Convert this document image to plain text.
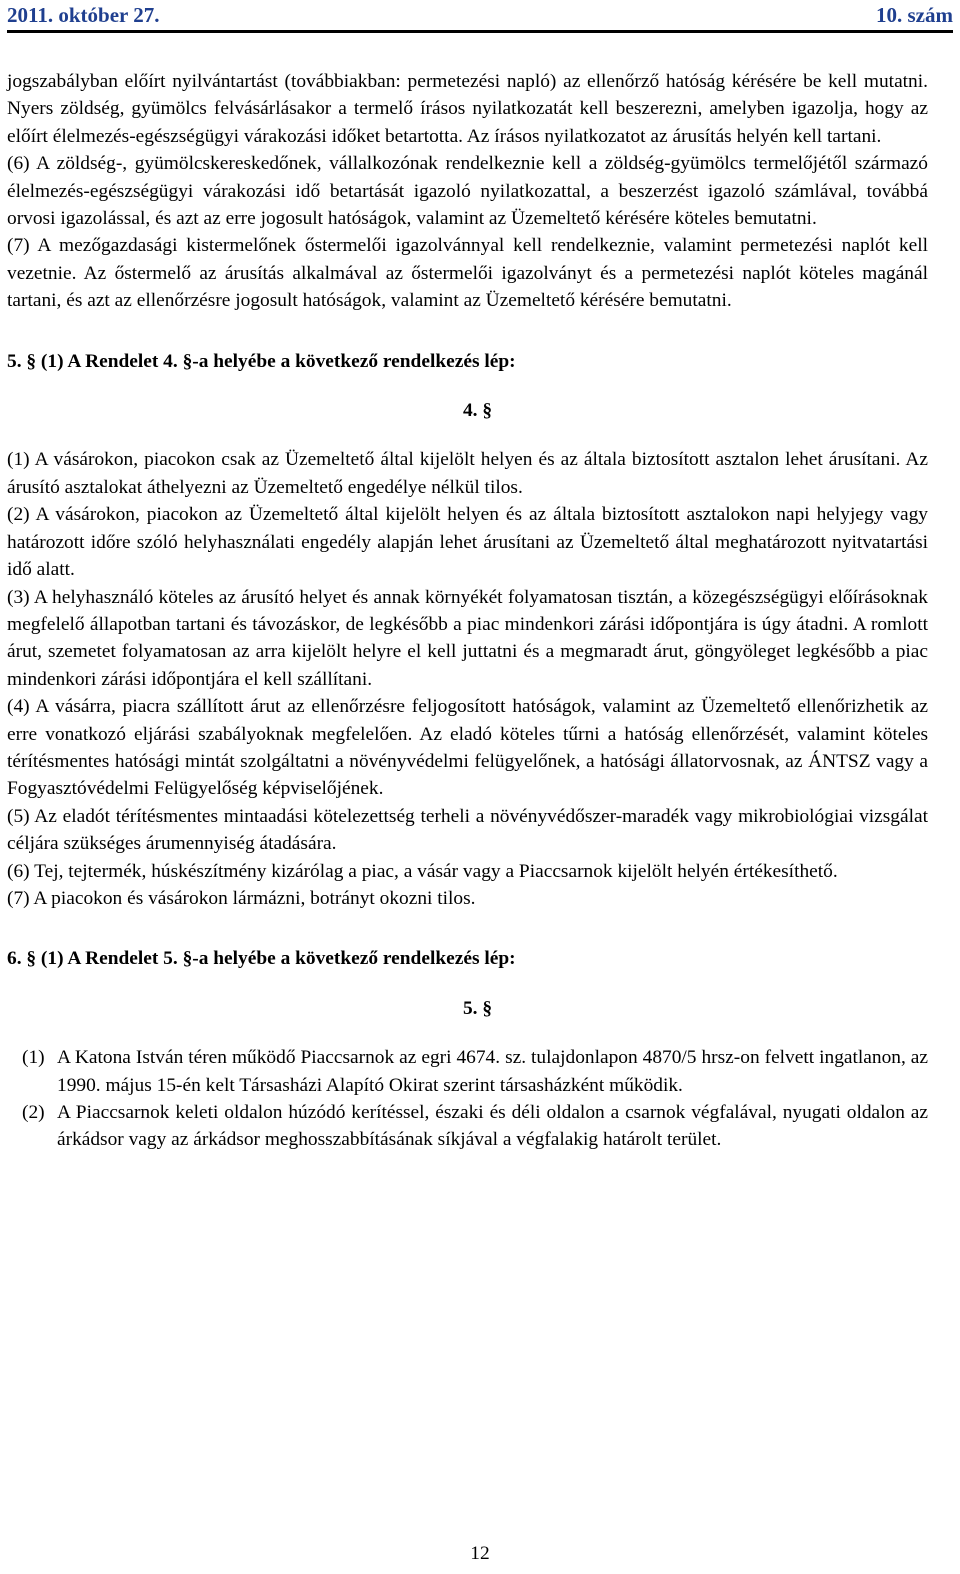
2011. október 27.	10. szám

jogszabályban előírt nyilvántartást (továbbiakban: permetezési napló) az ellenőrző hatóság kérésére be kell mutatni. Nyers zöldség, gyümölcs felvásárlásakor a termelő írásos nyilatkozatát kell beszerezni, amelyben igazolja, hogy az előírt élelmezés-egészségügyi várakozási időket betartotta. Az írásos nyilatkozatot az árusítás helyén kell tartani.

(6) A zöldség-, gyümölcskereskedőnek, vállalkozónak rendelkeznie kell a zöldség-gyümölcs termelőjétől származó élelmezés-egészségügyi várakozási idő betartását igazoló nyilatkozattal, a beszerzést igazoló számlával, továbbá orvosi igazolással, és azt az erre jogosult hatóságok, valamint az Üzemeltető kérésére köteles bemutatni.

(7) A mezőgazdasági kistermelőnek őstermelői igazolvánnyal kell rendelkeznie, valamint permetezési naplót kell vezetnie. Az őstermelő az árusítás alkalmával az őstermelői igazolványt és a permetezési naplót köteles magánál tartani, és azt az ellenőrzésre jogosult hatóságok, valamint az Üzemeltető kérésére bemutatni.

5. § (1) A Rendelet 4. §-a helyébe a következő rendelkezés lép:

4. §

(1) A vásárokon, piacokon csak az Üzemeltető által kijelölt helyen és az általa biztosított asztalon lehet árusítani. Az árusító asztalokat áthelyezni az Üzemeltető engedélye nélkül tilos.

(2) A vásárokon, piacokon az Üzemeltető által kijelölt helyen és az általa biztosított asztalokon napi helyjegy vagy határozott időre szóló helyhasználati engedély alapján lehet árusítani az Üzemeltető által meghatározott nyitvatartási idő alatt.

(3) A helyhasználó köteles az árusító helyet és annak környékét folyamatosan tisztán, a közegészségügyi előírásoknak megfelelő állapotban tartani és távozáskor, de legkésőbb a piac mindenkori zárási időpontjára is úgy átadni. A romlott árut, szemetet folyamatosan az arra kijelölt helyre el kell juttatni és a megmaradt árut, göngyöleget legkésőbb a piac mindenkori zárási időpontjára el kell szállítani.

(4) A vásárra, piacra szállított árut az ellenőrzésre feljogosított hatóságok, valamint az Üzemeltető ellenőrizhetik az erre vonatkozó eljárási szabályoknak megfelelően. Az eladó köteles tűrni a hatóság ellenőrzését, valamint köteles térítésmentes hatósági mintát szolgáltatni a növényvédelmi felügyelőnek, a hatósági állatorvosnak, az ÁNTSZ vagy a Fogyasztóvédelmi Felügyelőség képviselőjének.

(5) Az eladót térítésmentes mintaadási kötelezettség terheli a növényvédőszer-maradék vagy mikrobiológiai vizsgálat céljára szükséges árumennyiség átadására.

(6) Tej, tejtermék, húskészítmény kizárólag a piac, a vásár vagy a Piaccsarnok kijelölt helyén értékesíthető.

(7) A piacokon és vásárokon lármázni, botrányt okozni tilos.

6. § (1) A Rendelet 5. §-a helyébe a következő rendelkezés lép:

5. §

(1) A Katona István téren működő Piaccsarnok az egri 4674. sz. tulajdonlapon 4870/5 hrsz-on felvett ingatlanon, az 1990. május 15-én kelt Társasházi Alapító Okirat szerint társasházként működik.
(2) A Piaccsarnok keleti oldalon húzódó kerítéssel, északi és déli oldalon a csarnok végfalával, nyugati oldalon az árkádsor vagy az árkádsor meghosszabbításának síkjával a végfalakig határolt terület.
12
